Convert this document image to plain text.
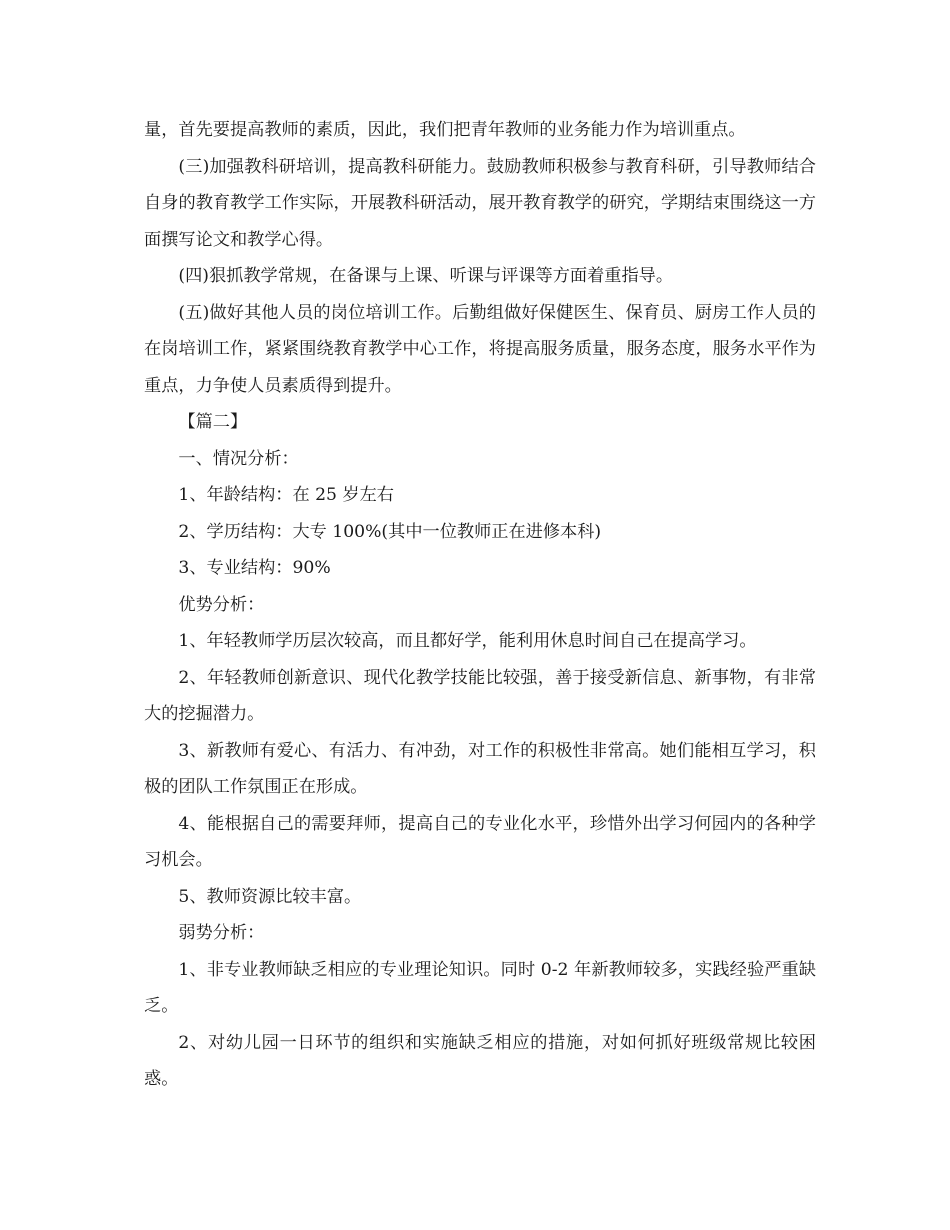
量，首先要提高教师的素质，因此，我们把青年教师的业务能力作为培训重点。

(三)加强教科研培训，提高教科研能力。鼓励教师积极参与教育科研，引导教师结合自身的教育教学工作实际，开展教科研活动，展开教育教学的研究，学期结束围绕这一方面撰写论文和教学心得。

(四)狠抓教学常规，在备课与上课、听课与评课等方面着重指导。

(五)做好其他人员的岗位培训工作。后勤组做好保健医生、保育员、厨房工作人员的在岗培训工作，紧紧围绕教育教学中心工作，将提高服务质量，服务态度，服务水平作为重点，力争使人员素质得到提升。

【篇二】

一、情况分析：

1、年龄结构：在 25 岁左右

2、学历结构：大专 100%(其中一位教师正在进修本科)

3、专业结构：90%

优势分析：

1、年轻教师学历层次较高，而且都好学，能利用休息时间自己在提高学习。

2、年轻教师创新意识、现代化教学技能比较强，善于接受新信息、新事物，有非常大的挖掘潜力。

3、新教师有爱心、有活力、有冲劲，对工作的积极性非常高。她们能相互学习，积极的团队工作氛围正在形成。

4、能根据自己的需要拜师，提高自己的专业化水平，珍惜外出学习何园内的各种学习机会。

5、教师资源比较丰富。

弱势分析：

1、非专业教师缺乏相应的专业理论知识。同时 0-2 年新教师较多，实践经验严重缺乏。

2、对幼儿园一日环节的组织和实施缺乏相应的措施，对如何抓好班级常规比较困惑。
